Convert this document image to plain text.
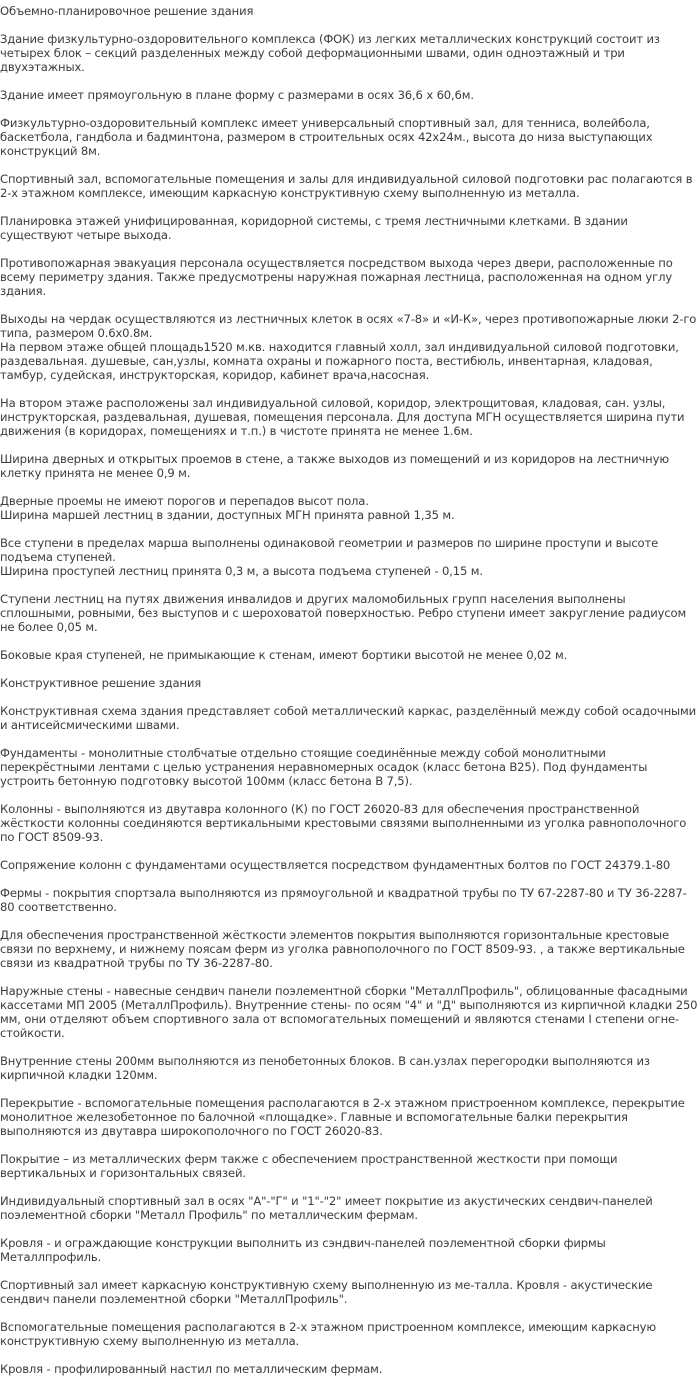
Объемно-планировочное решение здания

Здание физкультурно-оздоровительного комплекса (ФОК) из легких металлических конструкций состоит из четырех блок – секций разделенных между собой деформационными швами, один одноэтажный и три двухэтажных.

Здание имеет прямоугольную в плане форму с размерами в осях 36,6 х 60,6м.

Физкультурно-оздоровительный комплекс имеет универсальный спортивный зал, для тенниса, волейбола, баскетбола, гандбола и бадминтона, размером в строительных осях 42х24м., высота до низа выступающих конструкций 8м.

Спортивный зал, вспомогательные помещения и залы для индивидуальной силовой подготовки рас полагаются в 2-х этажном комплексе, имеющим каркасную конструктивную схему выполненную из металла.

Планировка этажей унифицированная, коридорной системы, с тремя лестничными клетками. В здании существуют четыре выхода.

Противопожарная эвакуация персонала осуществляется посредством выхода через двери, расположенные по всему периметру здания. Также предусмотрены наружная пожарная лестница, расположенная на одном углу здания.

Выходы на чердак осуществляются из лестничных клеток в осях «7-8» и «И-К», через противопожарные люки 2-го типа, размером 0.6х0.8м.
На первом этаже общей площадь1520 м.кв. находится главный холл, зал индивидуальной силовой подготовки, раздевальная. душевые, сан,узлы, комната охраны и пожарного поста, вестибюль, инвентарная, кладовая, тамбур, судейская, инструкторская, коридор, кабинет врача,насосная.

На втором этаже расположены зал индивидуальной силовой, коридор, электрощитовая, кладовая, сан. узлы, инструкторская, раздевальная, душевая, помещения персонала. Для доступа МГН осуществляется ширина пути движения (в коридорах, помещениях и т.п.) в чистоте принята не менее 1.6м.

Ширина дверных и открытых проемов в стене, а также выходов из помещений и из коридоров на лестничную клетку принята не менее 0,9 м.

Дверные проемы не имеют порогов и перепадов высот пола.
Ширина маршей лестниц в здании, доступных МГН принята равной 1,35 м.

Все ступени в пределах марша выполнены одинаковой геометрии и размеров по ширине проступи и высоте подъема ступеней.
Ширина проступей лестниц принята 0,3 м, а высота подъема ступеней - 0,15 м.

Ступени лестниц на путях движения инвалидов и других маломобильных групп населения выполнены сплошными, ровными, без выступов и с шероховатой поверхностью. Ребро ступени имеет закругление радиусом не более 0,05 м.

Боковые края ступеней, не примыкающие к стенам, имеют бортики высотой не менее 0,02 м.

Конструктивное решение здания

Конструктивная схема здания представляет собой металлический каркас, разделённый между собой осадочными и антисейсмическими швами.

Фундаменты - монолитные столбчатые отдельно стоящие соединённые между собой монолитными перекрёстными лентами с целью устранения неравномерных осадок (класс бетона В25). Под фундаменты устроить бетонную подготовку высотой 100мм (класс бетона В 7,5).

Колонны - выполняются из двутавра колонного (К) по ГОСТ 26020-83 для обеспечения пространственной жёсткости колонны соединяются вертикальными крестовыми связями выполненными из уголка равнополочного по ГОСТ 8509-93.

Сопряжение колонн с фундаментами осуществляется посредством фундаментных болтов по ГОСТ 24379.1-80

Фермы - покрытия спортзала выполняются из прямоугольной и квадратной трубы по ТУ 67-2287-80 и ТУ 36-2287-80 соответственно.

Для обеспечения пространственной жёсткости элементов покрытия выполняются горизонтальные крестовые связи по верхнему, и нижнему поясам ферм из уголка равнополочного по ГОСТ 8509-93. , а также вертикальные связи из квадратной трубы по ТУ 36-2287-80.

Наружные стены - навесные сендвич панели поэлементной сборки "МеталлПрофиль", облицованные фасадными кассетами МП 2005 (МеталлПрофиль). Внутренние стены- по осям "4" и "Д" выполняются из кирпичной кладки 250 мм, они отделяют объем спортивного зала от вспомогательных помещений и являются стенами I степени огне-стойкости.

Внутренние стены 200мм выполняются из пенобетонных блоков. В сан.узлах перегородки выполняются из кирпичной кладки 120мм.

Перекрытие - вспомогательные помещения располагаются в 2-х этажном пристроенном комплексе, перекрытие монолитное железобетонное по балочной «площадке». Главные и вспомогательные балки перекрытия выполняются из двутавра широкополочного по ГОСТ 26020-83.

Покрытие – из металлических ферм также с обеспечением пространственной жесткости при помощи вертикальных и горизонтальных связей.

Индивидуальный спортивный зал в осях "А"-"Г" и "1"-"2" имеет покрытие из акустических сендвич-панелей поэлементной сборки "Металл Профиль" по металлическим фермам.

Кровля - и ограждающие конструкции выполнить из сэндвич-панелей поэлементной сборки фирмы Металлпрофиль.

Спортивный зал имеет каркасную конструктивную схему выполненную из ме-талла. Кровля - акустические сендвич панели поэлементной сборки "МеталлПрофиль".

Вспомогательные помещения располагаются в 2-х этажном пристроенном комплексе, имеющим каркасную конструктивную схему выполненную из металла.

Кровля - профилированный настил по металлическим фермам.
